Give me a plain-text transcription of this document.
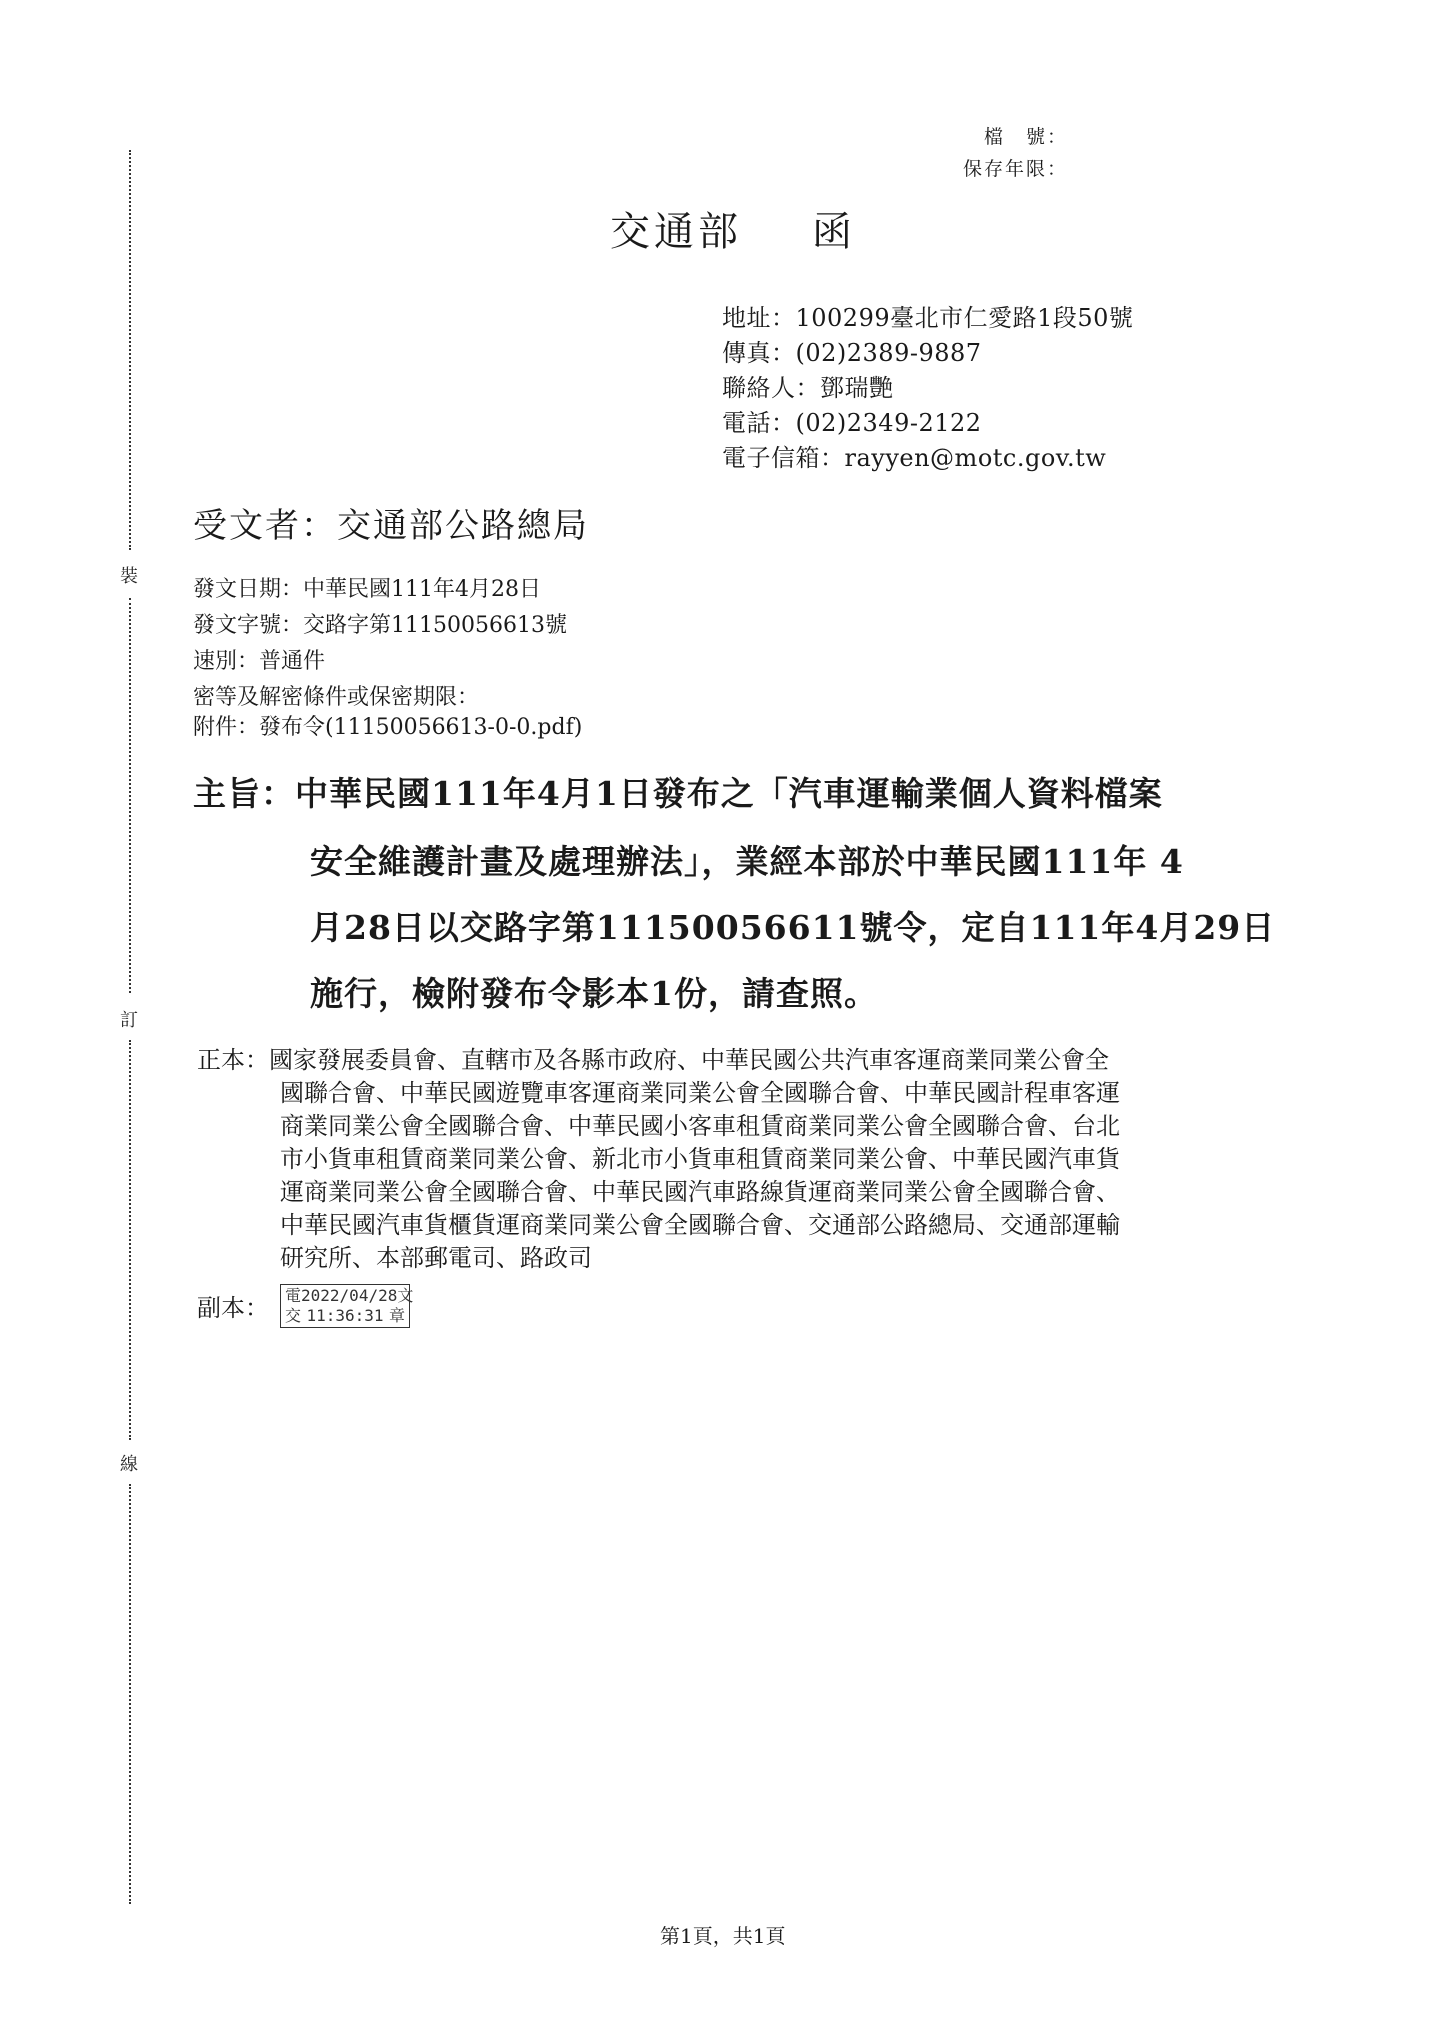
裝
訂
線
檔　號：
保存年限：
交通部 函
地址：100299臺北市仁愛路1段50號
傳真：(02)2389-9887
聯絡人：鄧瑞艷
電話：(02)2349-2122
電子信箱：rayyen@motc.gov.tw
受文者：交通部公路總局
發文日期：中華民國111年4月28日
發文字號：交路字第11150056613號
速別：普通件
密等及解密條件或保密期限：
附件：發布令(11150056613-0-0.pdf)
主旨：中華民國111年4月1日發布之「汽車運輸業個人資料檔案
安全維護計畫及處理辦法」，業經本部於中華民國111年 4
月28日以交路字第11150056611號令，定自111年4月29日
施行，檢附發布令影本1份，請查照。
正本：國家發展委員會、直轄市及各縣市政府、中華民國公共汽車客運商業同業公會全
國聯合會、中華民國遊覽車客運商業同業公會全國聯合會、中華民國計程車客運
商業同業公會全國聯合會、中華民國小客車租賃商業同業公會全國聯合會、台北
市小貨車租賃商業同業公會、新北市小貨車租賃商業同業公會、中華民國汽車貨
運商業同業公會全國聯合會、中華民國汽車路線貨運商業同業公會全國聯合會、
中華民國汽車貨櫃貨運商業同業公會全國聯合會、交通部公路總局、交通部運輸
研究所、本部郵電司、路政司
副本： 電 2022/04/28 文
交 11:36:31 章
第1頁，共1頁
